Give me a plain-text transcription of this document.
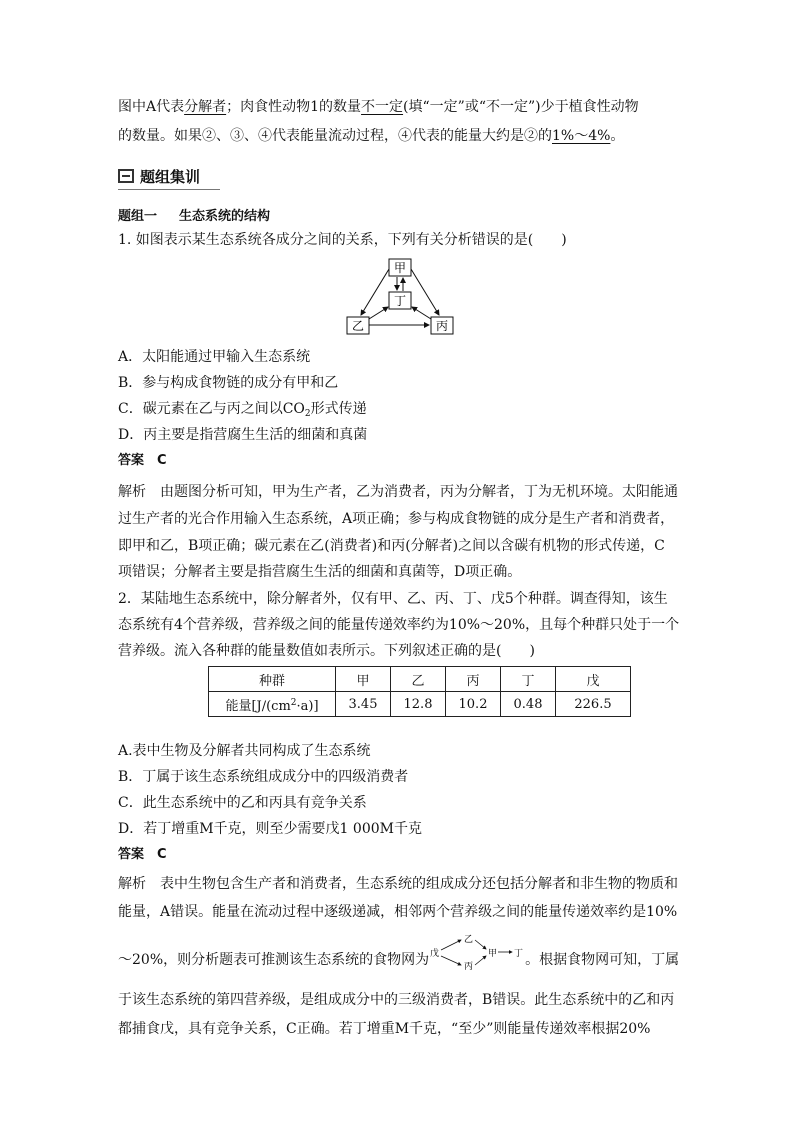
图中A代表分解者；肉食性动物1的数量不一定(填“一定”或“不一定”)少于植食性动物
的数量。如果②、③、④代表能量流动过程，④代表的能量大约是②的1%～4%。
题组集训
题组一 生态系统的结构
1. 如图表示某生态系统各成分之间的关系，下列有关分析错误的是(　　)
甲
丁
乙	丙
A．太阳能通过甲输入生态系统
B．参与构成食物链的成分有甲和乙
C．碳元素在乙与丙之间以$CO_2$形式传递
D．丙主要是指营腐生生活的细菌和真菌
答案　C
解析　由题图分析可知，甲为生产者，乙为消费者，丙为分解者，丁为无机环境。太阳能通
过生产者的光合作用输入生态系统，A项正确；参与构成食物链的成分是生产者和消费者，
即甲和乙，B项正确；碳元素在乙(消费者)和丙(分解者)之间以含碳有机物的形式传递，C
项错误；分解者主要是指营腐生生活的细菌和真菌等，D项正确。
2．某陆地生态系统中，除分解者外，仅有甲、乙、丙、丁、戊5个种群。调查得知，该生
态系统有4个营养级，营养级之间的能量传递效率约为10%～20%，且每个种群只处于一个
营养级。流入各种群的能量数值如表所示。下列叙述正确的是(　　)
种群	甲	乙	丙	丁	戊
能量$[J/(cm^2\cdot a)]$	3.45	12.8	10.2	0.48	226.5
A.表中生物及分解者共同构成了生态系统
B．丁属于该生态系统组成成分中的四级消费者
C．此生态系统中的乙和丙具有竞争关系
D．若丁增重M千克，则至少需要戊1 000M千克
答案　C
解析　表中生物包含生产者和消费者，生态系统的组成成分还包括分解者和非生物的物质和
能量，A错误。能量在流动过程中逐级递减，相邻两个营养级之间的能量传递效率约是10%
～20%，则分析题表可推测该生态系统的食物网为	。根据食物网可知，丁属
戊
乙
丙
甲 丁
于该生态系统的第四营养级，是组成成分中的三级消费者，B错误。此生态系统中的乙和丙
都捕食戊，具有竞争关系，C正确。若丁增重M千克，“至少”则能量传递效率根据20%
